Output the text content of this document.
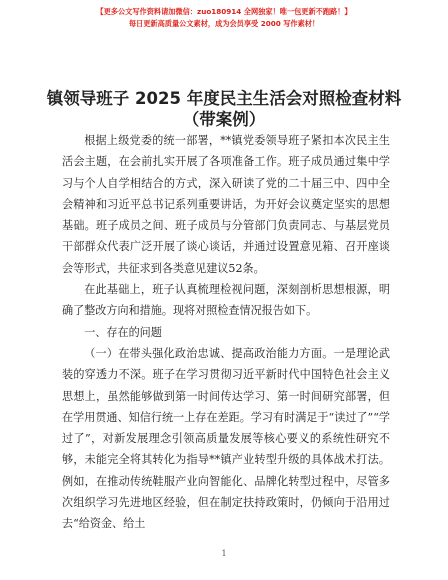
【更多公文写作资料请加微信：zuo180914 全网独家！唯一包更新不跑路！】
每日更新高质量公文素材，成为会员享受 2000 写作素材！
镇领导班子 2025 年度民主生活会对照检查材料
（带案例）

根据上级党委的统一部署，**镇党委领导班子紧扣本次民主生活会主题，在会前扎实开展了各项准备工作。班子成员通过集中学习与个人自学相结合的方式，深入研读了党的二十届三中、四中全会精神和习近平总书记系列重要讲话，为开好会议奠定坚实的思想基础。班子成员之间、班子成员与分管部门负责同志、与基层党员干部群众代表广泛开展了谈心谈话，并通过设置意见箱、召开座谈会等形式，共征求到各类意见建议52条。

在此基础上，班子认真梳理检视问题，深刻剖析思想根源，明确了整改方向和措施。现将对照检查情况报告如下。

一、存在的问题

（一）在带头强化政治忠诚、提高政治能力方面。一是理论武装的穿透力不深。班子在学习贯彻习近平新时代中国特色社会主义思想上，虽然能够做到第一时间传达学习、第一时间研究部署，但在学用贯通、知信行统一上存在差距。学习有时满足于“读过了”“学过了”，对新发展理念引领高质量发展等核心要义的系统性研究不够，未能完全将其转化为指导**镇产业转型升级的具体战术打法。例如，在推动传统鞋服产业向智能化、品牌化转型过程中，尽管多次组织学习先进地区经验，但在制定扶持政策时，仍倾向于沿用过去“给资金、给土

1
